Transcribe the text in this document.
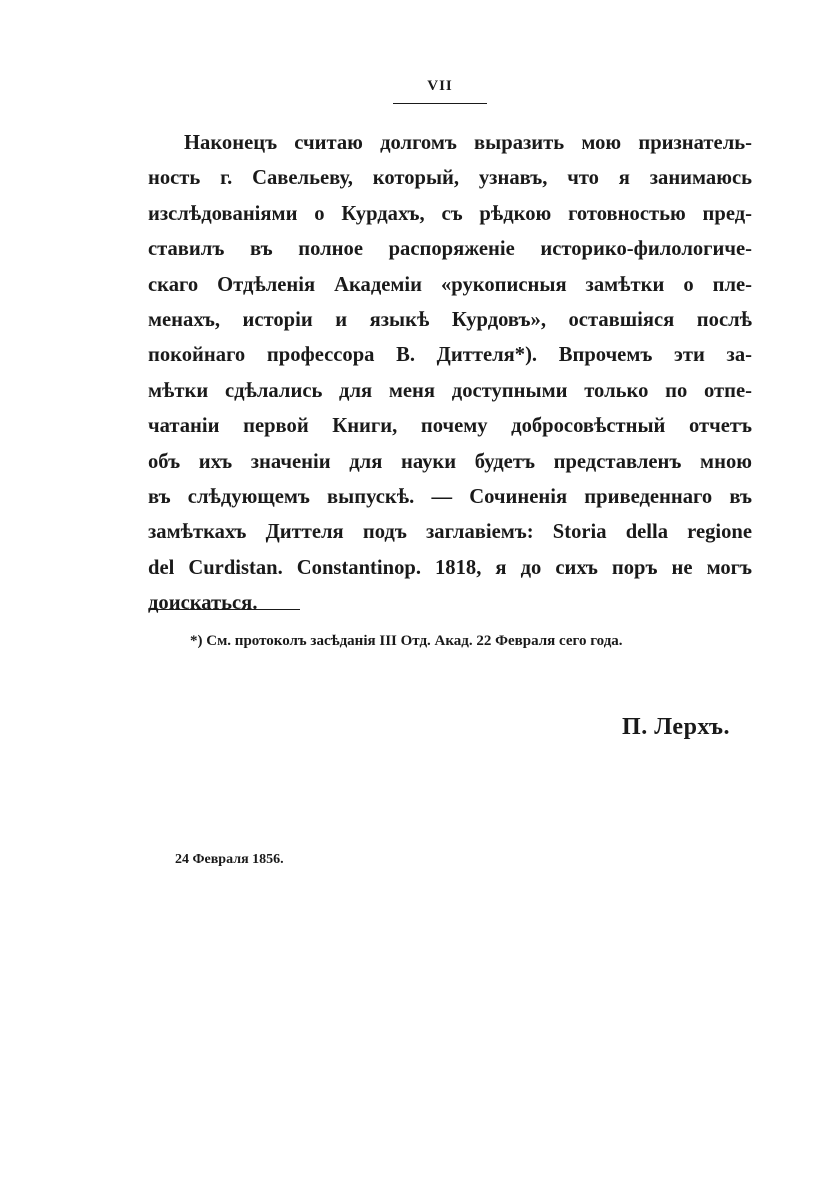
VII
Наконецъ считаю долгомъ выразить мою признатель-
ность г. Савельеву, который, узнавъ, что я занимаюсь
изслѣдованіями о Курдахъ, съ рѣдкою готовностью пред-
ставилъ въ полное распоряженіе историко-филологиче-
скаго Отдѣленія Академіи «рукописныя замѣтки о пле-
менахъ, исторіи и языкѣ Курдовъ», оставшіяся послѣ
покойнаго профессора В. Диттеля*). Впрочемъ эти за-
мѣтки сдѣлались для меня доступными только по отпе-
чатаніи первой Книги, почему добросовѣстный отчетъ
объ ихъ значеніи для науки будетъ представленъ мною
въ слѣдующемъ выпускѣ. — Сочиненія приведеннаго въ
замѣткахъ Диттеля подъ заглавіемъ: Storia della regione
del Curdistan. Constantinop. 1818, я до сихъ поръ не могъ
доискаться.
*) См. протоколъ засѣданія III Отд. Акад. 22 Февраля сего года.
П. Лерхъ.
24 Февраля 1856.
